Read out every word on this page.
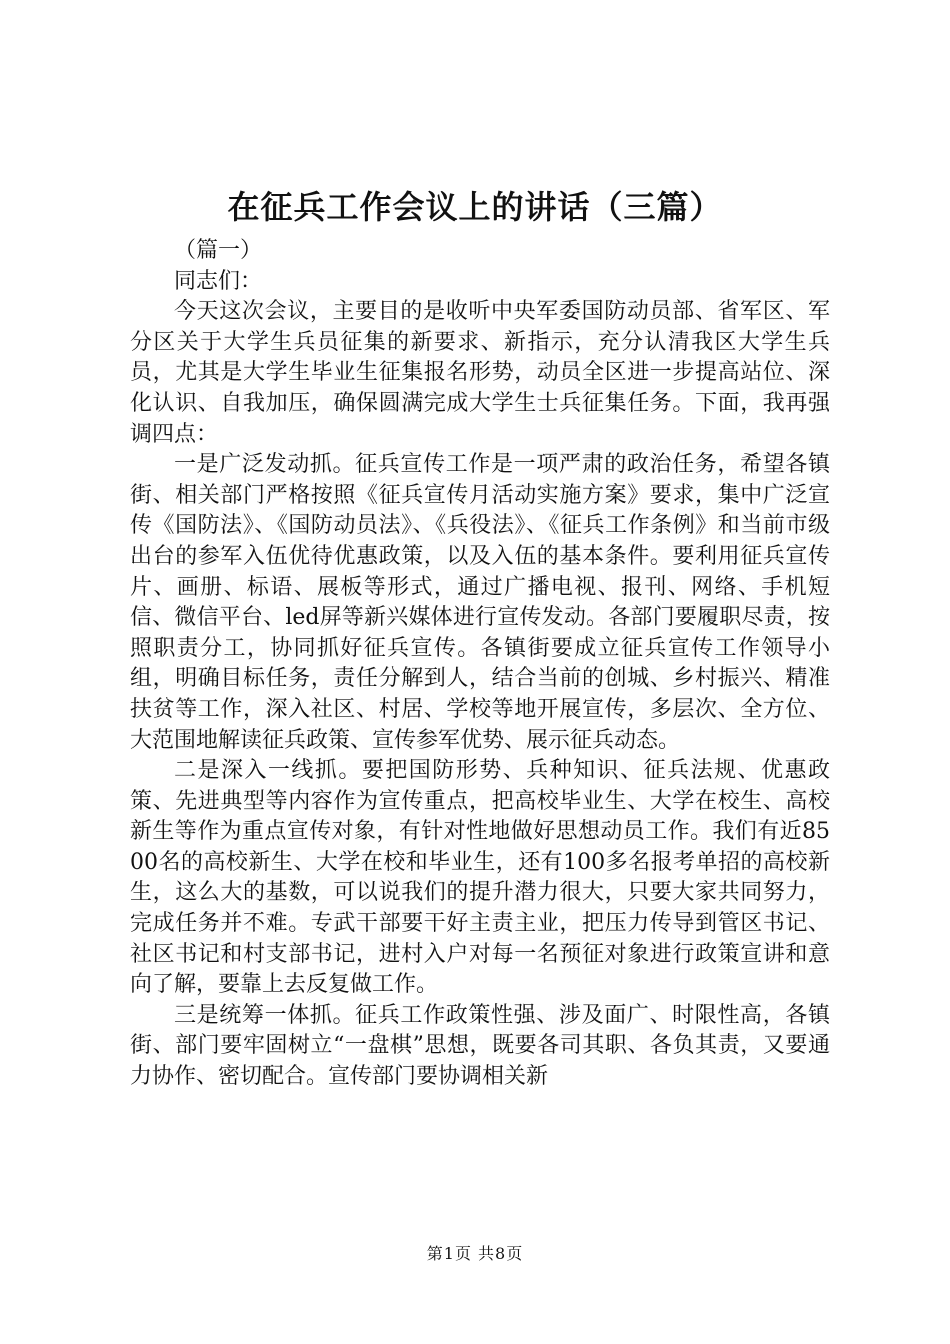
在征兵工作会议上的讲话（三篇）

（篇一）

同志们：

今天这次会议，主要目的是收听中央军委国防动员部、省军区、军分区关于大学生兵员征集的新要求、新指示，充分认清我区大学生兵员，尤其是大学生毕业生征集报名形势，动员全区进一步提高站位、深化认识、自我加压，确保圆满完成大学生士兵征集任务。下面，我再强调四点：

一是广泛发动抓。征兵宣传工作是一项严肃的政治任务，希望各镇街、相关部门严格按照《征兵宣传月活动实施方案》要求，集中广泛宣传《国防法》、《国防动员法》、《兵役法》、《征兵工作条例》和当前市级出台的参军入伍优待优惠政策，以及入伍的基本条件。要利用征兵宣传片、画册、标语、展板等形式，通过广播电视、报刊、网络、手机短信、微信平台、led屏等新兴媒体进行宣传发动。各部门要履职尽责，按照职责分工，协同抓好征兵宣传。各镇街要成立征兵宣传工作领导小组，明确目标任务，责任分解到人，结合当前的创城、乡村振兴、精准扶贫等工作，深入社区、村居、学校等地开展宣传，多层次、全方位、大范围地解读征兵政策、宣传参军优势、展示征兵动态。

二是深入一线抓。要把国防形势、兵种知识、征兵法规、优惠政策、先进典型等内容作为宣传重点，把高校毕业生、大学在校生、高校新生等作为重点宣传对象，有针对性地做好思想动员工作。我们有近8500名的高校新生、大学在校和毕业生，还有100多名报考单招的高校新生，这么大的基数，可以说我们的提升潜力很大，只要大家共同努力，完成任务并不难。专武干部要干好主责主业，把压力传导到管区书记、社区书记和村支部书记，进村入户对每一名预征对象进行政策宣讲和意向了解，要靠上去反复做工作。

三是统筹一体抓。征兵工作政策性强、涉及面广、时限性高，各镇街、部门要牢固树立“一盘棋”思想，既要各司其职、各负其责，又要通力协作、密切配合。宣传部门要协调相关新

第1页 共8页
